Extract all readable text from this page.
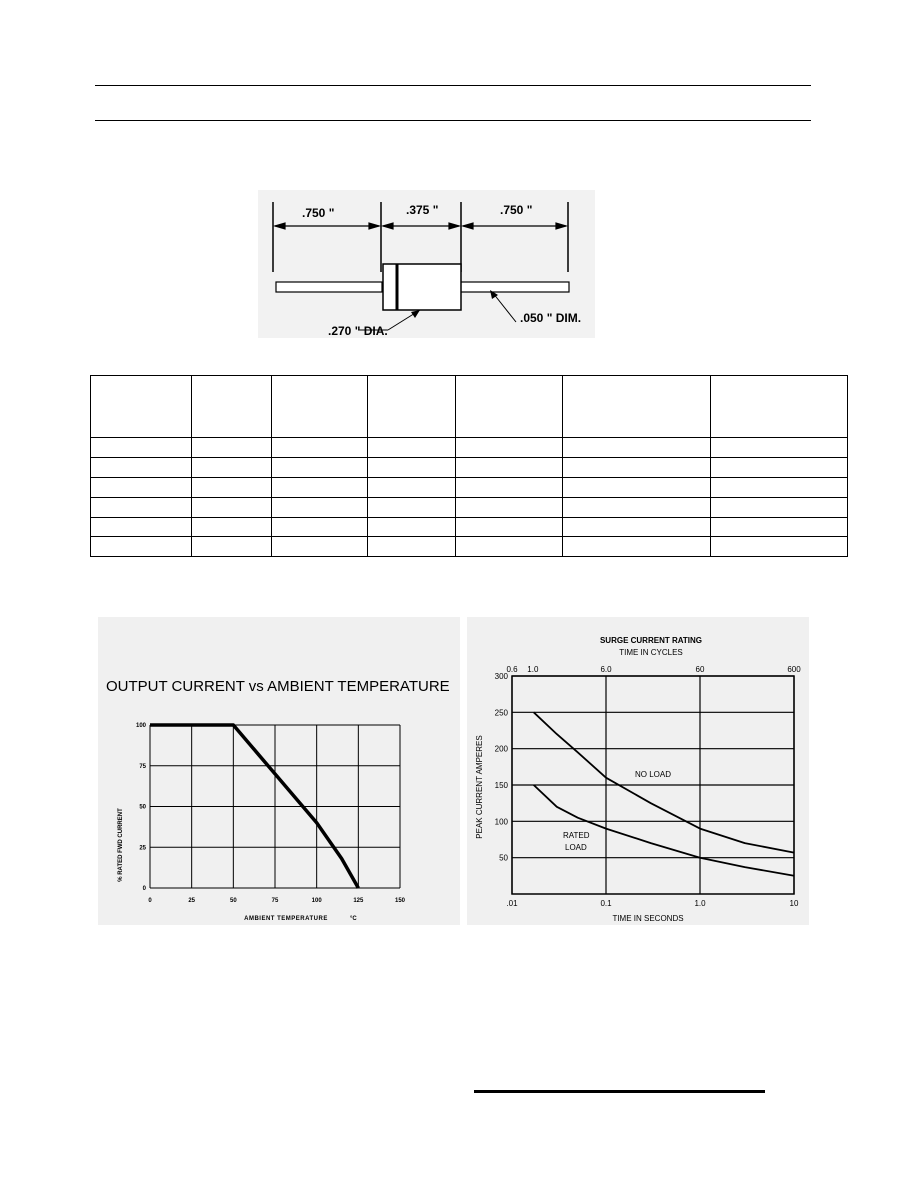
.750 "	.375 "	.750 "
.270 " DIA.
.050 " DIM.

OUTPUT CURRENT vs AMBIENT TEMPERATURE
0	25	50	75	100	125	150
0
25
50
75
100
% RATED FWD CURRENT
AMBIENT TEMPERATURE	°C
SURGE CURRENT RATING
TIME IN CYCLES
.01	0.1	1.0	10
0.6 1.0	6.0	60	600
300
250
200
150
100
50
PEAK CURRENT AMPERES
TIME IN SECONDS
NO LOAD
RATED
LOAD
